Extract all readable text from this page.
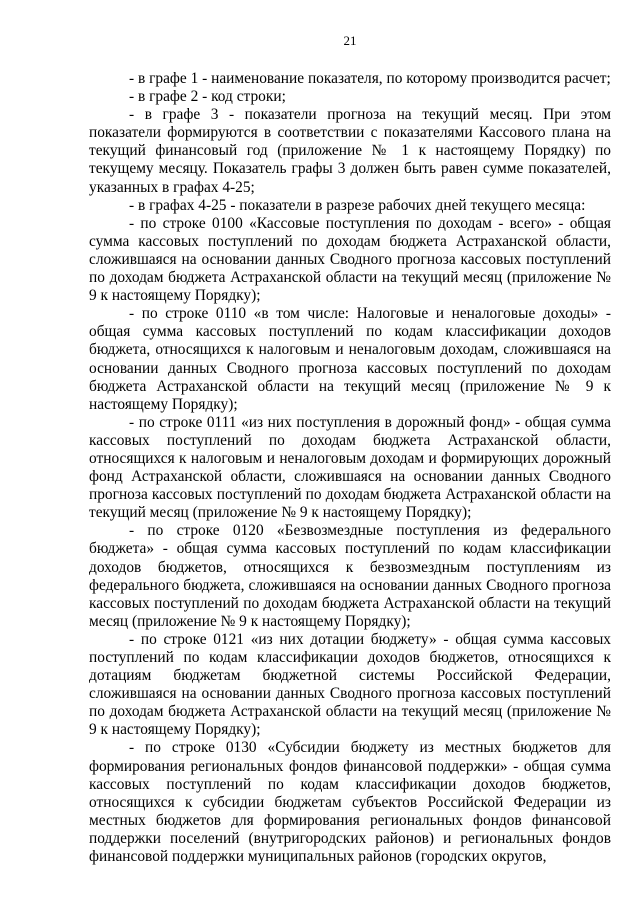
21

- в графе 1 - наименование показателя, по которому производится расчет;

- в графе 2 - код строки;

- в графе 3 - показатели прогноза на текущий месяц. При этом показатели формируются в соответствии с показателями Кассового плана на текущий финансовый год (приложение № 1 к настоящему Порядку) по текущему месяцу. Показатель графы 3 должен быть равен сумме показателей, указанных в графах 4-25;

- в графах 4-25 - показатели в разрезе рабочих дней текущего месяца:

- по строке 0100 «Кассовые поступления по доходам - всего» - общая сумма кассовых поступлений по доходам бюджета Астраханской области, сложившаяся на основании данных Сводного прогноза кассовых поступлений по доходам бюджета Астраханской области на текущий месяц (приложение № 9 к настоящему Порядку);

- по строке 0110 «в том числе: Налоговые и неналоговые доходы» - общая сумма кассовых поступлений по кодам классификации доходов бюджета, относящихся к налоговым и неналоговым доходам, сложившаяся на основании данных Сводного прогноза кассовых поступлений по доходам бюджета Астраханской области на текущий месяц (приложение № 9 к настоящему Порядку);

- по строке 0111 «из них поступления в дорожный фонд» - общая сумма кассовых поступлений по доходам бюджета Астраханской области, относящихся к налоговым и неналоговым доходам и формирующих дорожный фонд Астраханской области, сложившаяся на основании данных Сводного прогноза кассовых поступлений по доходам бюджета Астраханской области на текущий месяц (приложение № 9 к настоящему Порядку);

- по строке 0120 «Безвозмездные поступления из федерального бюджета» - общая сумма кассовых поступлений по кодам классификации доходов бюджетов, относящихся к безвозмездным поступлениям из федерального бюджета, сложившаяся на основании данных Сводного прогноза кассовых поступлений по доходам бюджета Астраханской области на текущий месяц (приложение № 9 к настоящему Порядку);

- по строке 0121 «из них дотации бюджету» - общая сумма кассовых поступлений по кодам классификации доходов бюджетов, относящихся к дотациям бюджетам бюджетной системы Российской Федерации, сложившаяся на основании данных Сводного прогноза кассовых поступлений по доходам бюджета Астраханской области на текущий месяц (приложение № 9 к настоящему Порядку);

- по строке 0130 «Субсидии бюджету из местных бюджетов для формирования региональных фондов финансовой поддержки» - общая сумма кассовых поступлений по кодам классификации доходов бюджетов, относящихся к субсидии бюджетам субъектов Российской Федерации из местных бюджетов для формирования региональных фондов финансовой поддержки поселений (внутригородских районов) и региональных фондов финансовой поддержки муниципальных районов (городских округов,
